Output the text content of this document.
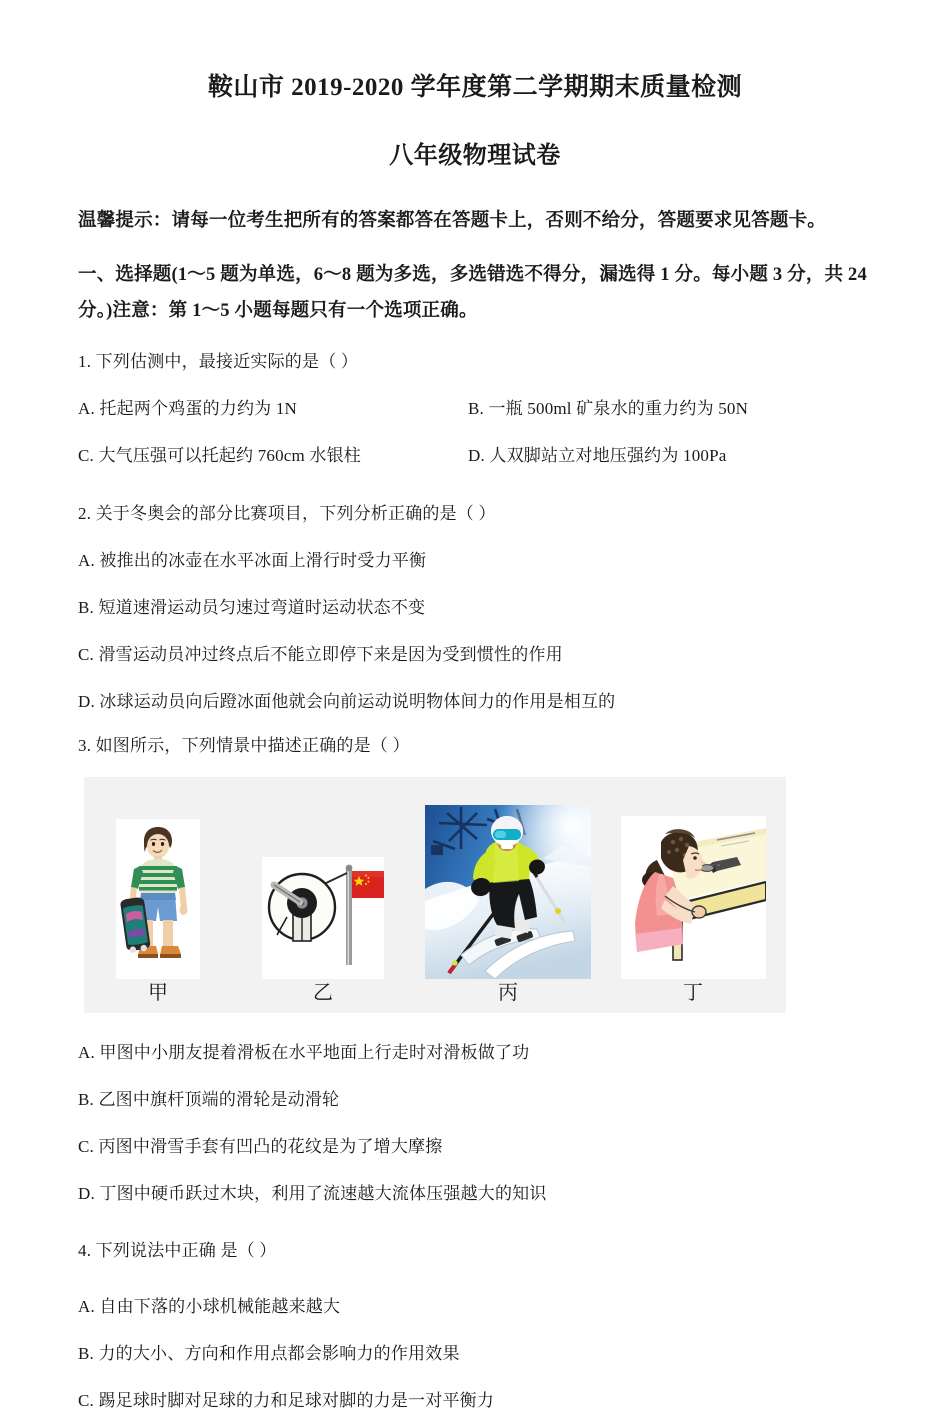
鞍山市 2019-2020 学年度第二学期期末质量检测
八年级物理试卷

温馨提示：请每一位考生把所有的答案都答在答题卡上，否则不给分，答题要求见答题卡。

一、选择题(1～5 题为单选，6～8 题为多选，多选错选不得分，漏选得 1 分。每小题 3 分，共 24 分。)注意：第 1～5 小题每题只有一个选项正确。

1. 下列估测中，最接近实际的是（ ）

A. 托起两个鸡蛋的力约为 1N	B. 一瓶 500ml 矿泉水的重力约为 50N
C. 大气压强可以托起约 760cm 水银柱	D. 人双脚站立对地压强约为 100Pa

2. 关于冬奥会的部分比赛项目，下列分析正确的是（ ）

A. 被推出的冰壶在水平冰面上滑行时受力平衡

B. 短道速滑运动员匀速过弯道时运动状态不变

C. 滑雪运动员冲过终点后不能立即停下来是因为受到惯性的作用

D. 冰球运动员向后蹬冰面他就会向前运动说明物体间力的作用是相互的

3. 如图所示，下列情景中描述正确的是（ ）

甲	乙	丙	丁

A. 甲图中小朋友提着滑板在水平地面上行走时对滑板做了功

B. 乙图中旗杆顶端的滑轮是动滑轮

C. 丙图中滑雪手套有凹凸的花纹是为了增大摩擦

D. 丁图中硬币跃过木块，利用了流速越大流体压强越大的知识

4. 下列说法中正确 是（ ）

A. 自由下落的小球机械能越来越大

B. 力的大小、方向和作用点都会影响力的作用效果

C. 踢足球时脚对足球的力和足球对脚的力是一对平衡力
